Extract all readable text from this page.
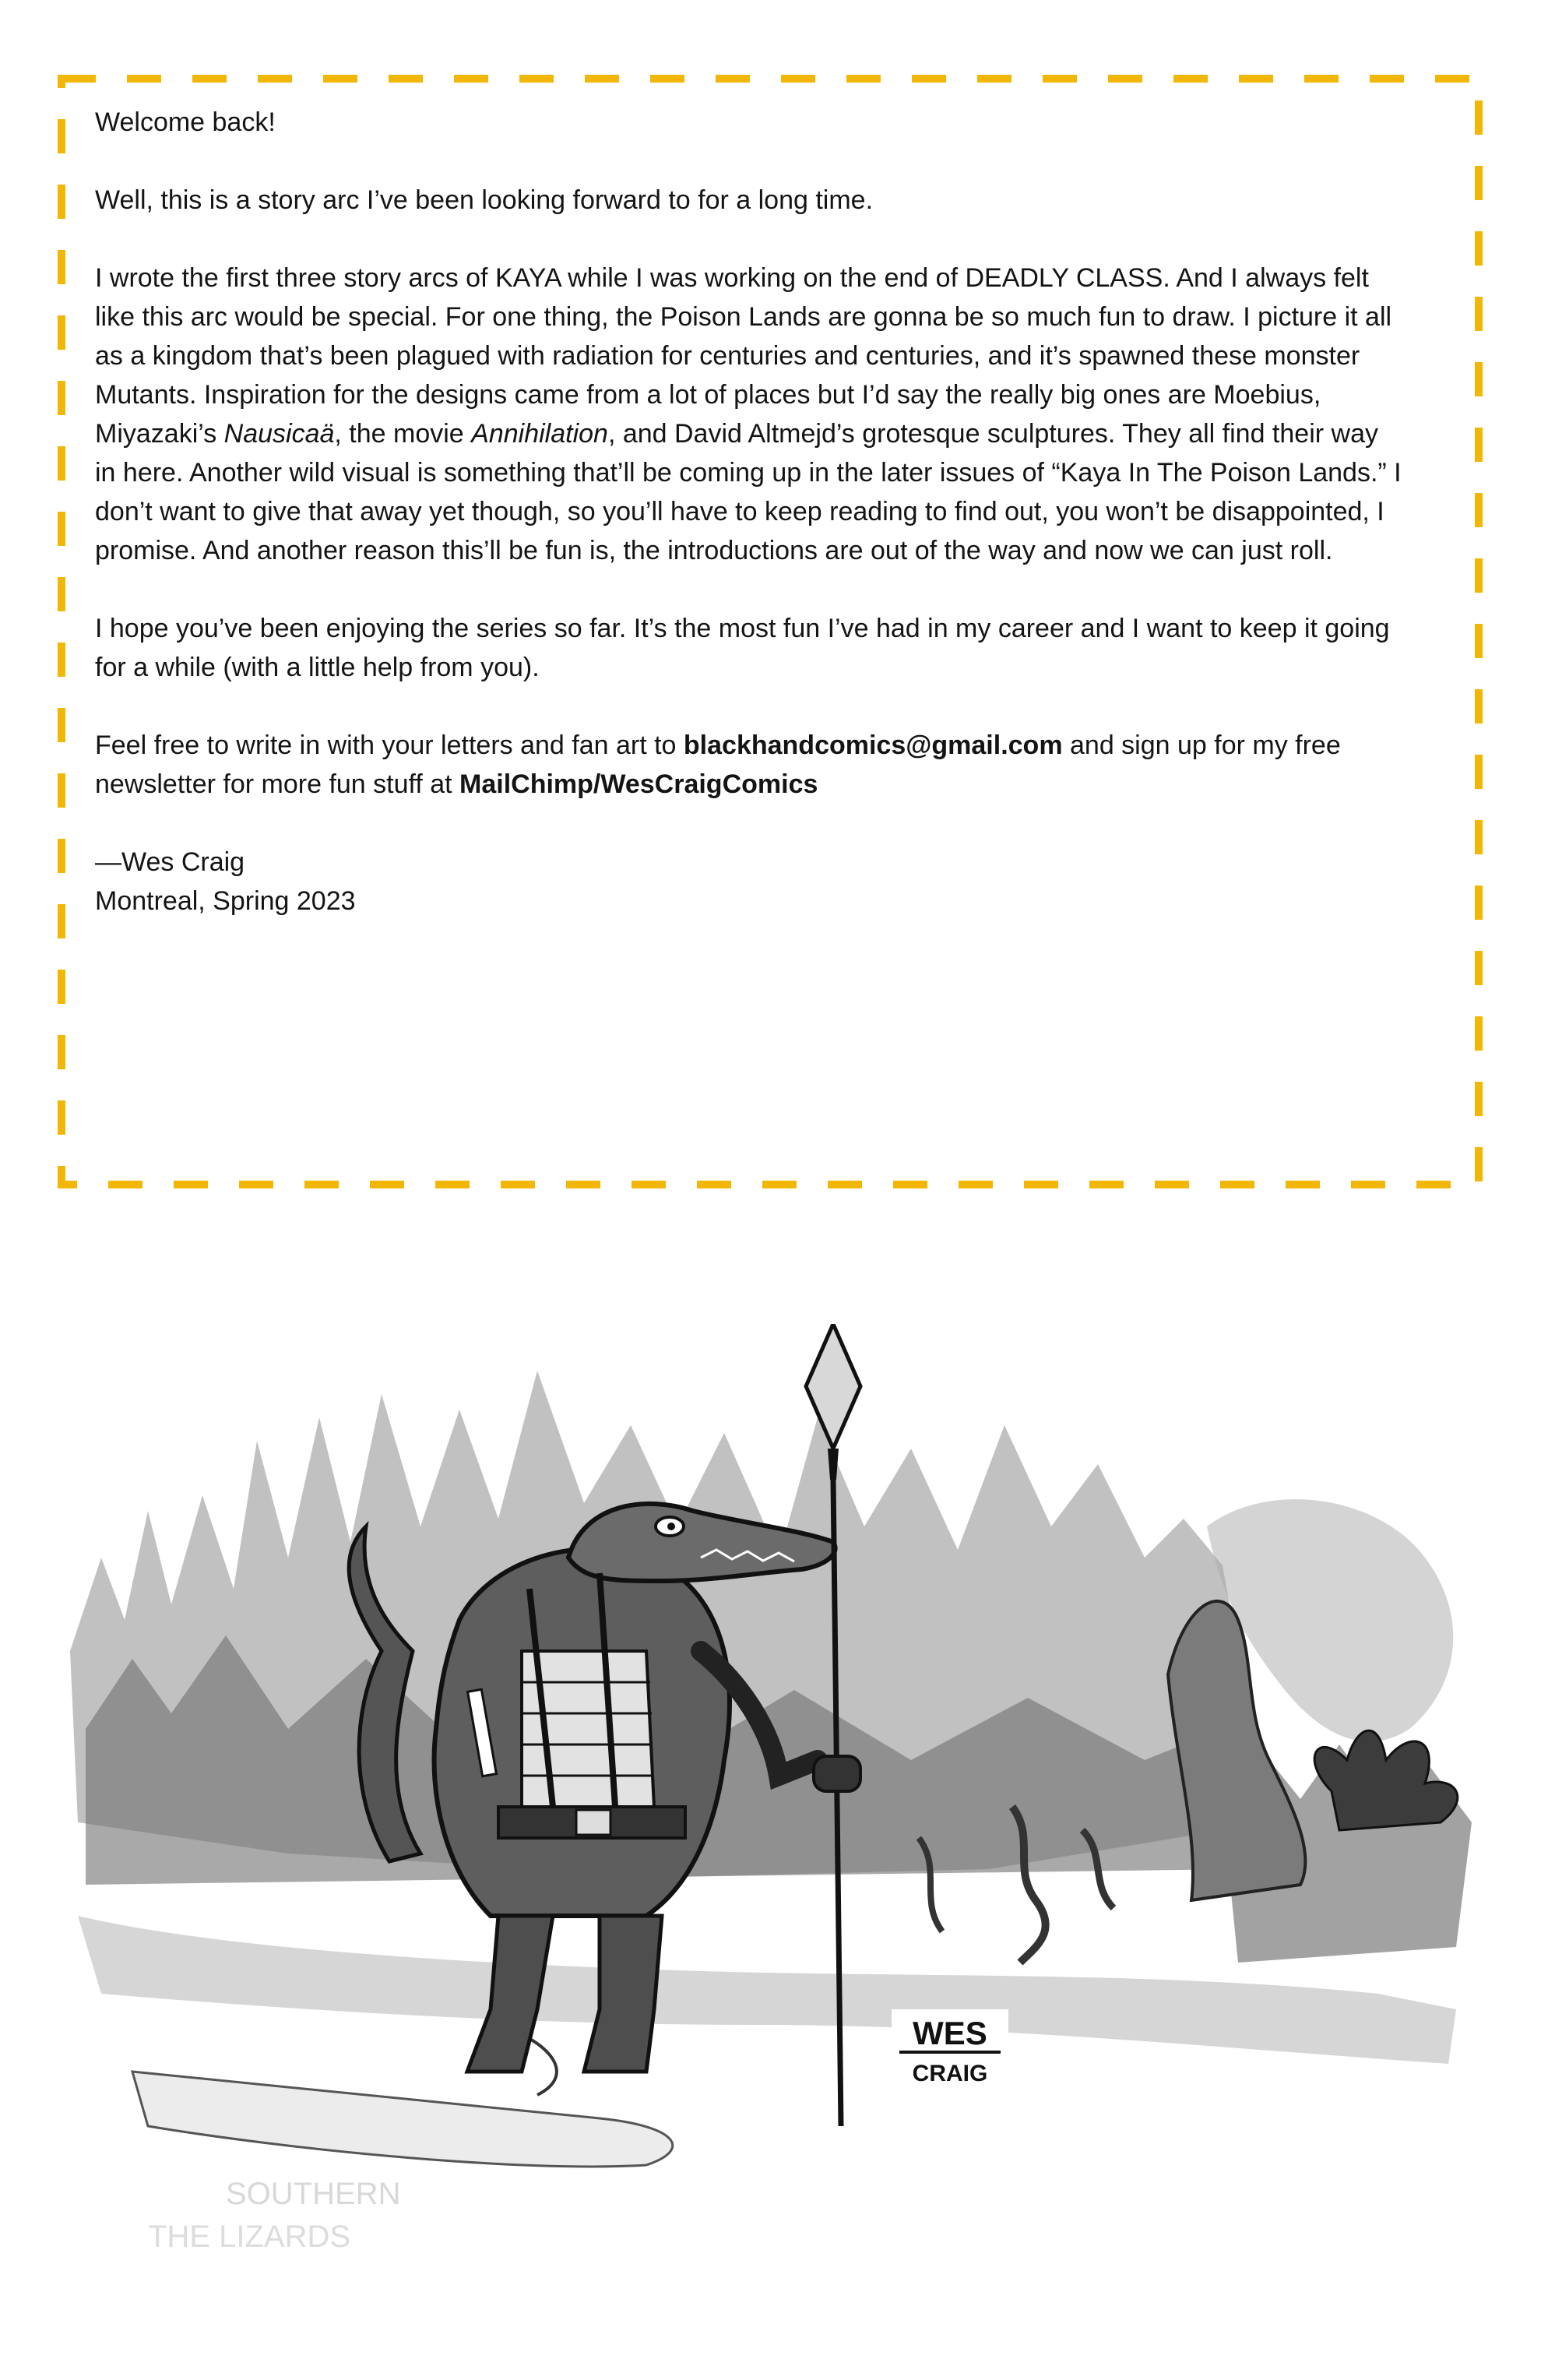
Welcome back!

Well, this is a story arc I’ve been looking forward to for a long time.

I wrote the first three story arcs of KAYA while I was working on the end of DEADLY CLASS. And I always felt like this arc would be special. For one thing, the Poison Lands are gonna be so much fun to draw. I picture it all as a kingdom that’s been plagued with radiation for centuries and centuries, and it’s spawned these monster Mutants. Inspiration for the designs came from a lot of places but I’d say the really big ones are Moebius, Miyazaki’s Nausicaä, the movie Annihilation, and David Altmejd’s grotesque sculptures. They all find their way in here. Another wild visual is something that’ll be coming up in the later issues of “Kaya In The Poison Lands.” I don’t want to give that away yet though, so you’ll have to keep reading to find out, you won’t be disappointed, I promise. And another reason this’ll be fun is, the introductions are out of the way and now we can just roll.

I hope you’ve been enjoying the series so far. It’s the most fun I’ve had in my career and I want to keep it going for a while (with a little help from you).

Feel free to write in with your letters and fan art to blackhandcomics@gmail.com and sign up for my free newsletter for more fun stuff at MailChimp/WesCraigComics

—Wes Craig

Montreal, Spring 2023

WES
CRAIG
SOUTHERN
THE LIZARDS
